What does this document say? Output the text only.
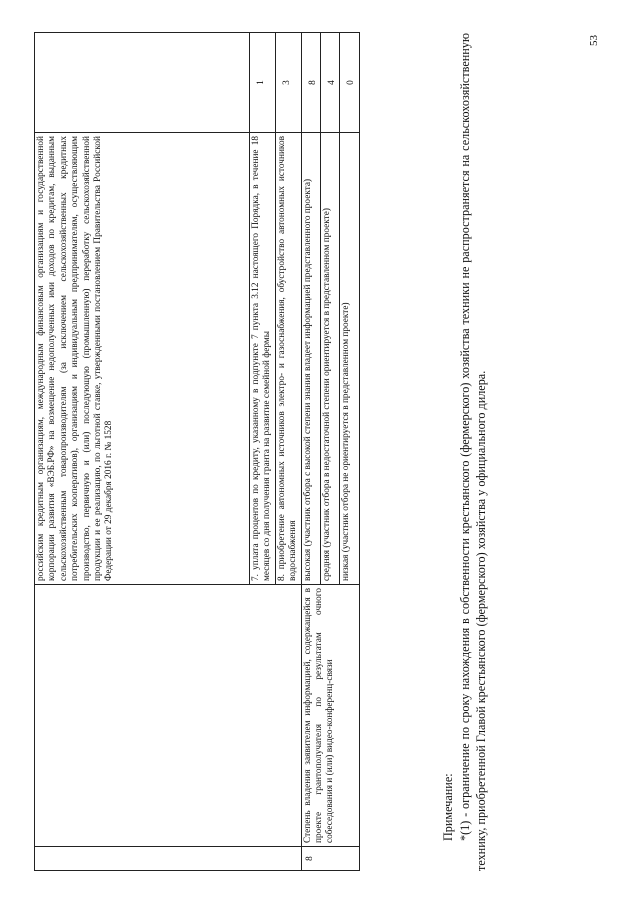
		российским кредитным организациям, международным финансовым организациям и государственной корпорации развития «ВЭБ.РФ» на возмещение недополученных ими доходов по кредитам, выданным сельскохозяйственным товаропроизводителям (за исключением сельскохозяйственных кредитных потребительских кооперативов), организациям и индивидуальным предпринимателям, осуществляющим производство, первичную и (или) последующую (промышленную) переработку сельскохозяйственной продукции и ее реализацию, по льготной ставке, утвержденными постановлением Правительства Российской Федерации от 29 декабря 2016 г. № 1528	
		7. уплата процентов по кредиту, указанному в подпункте 7 пункта 3.12 настоящего Порядка, в течение 18 месяцев со дня получения гранта на развитие семейной фермы	1
		8. приобретение автономных источников электро- и газоснабжения, обустройство автономных источников водоснабжения	3
8	Степень владения заявителем информацией, содержащейся в проекте грантополучателя по результатам очного собеседования и (или) видео-конференц-связи	высокая (участник отбора с высокой степени знания владеет информацией представленного проекта)	8
		средняя (участник отбора в недостаточной степени ориентируется в представленном проекте)	4
		низкая (участник отбора не ориентируется в представленном проекте)	0
Примечание: *(1) - ограничение по сроку нахождения в собственности крестьянского (фермерского) хозяйства техники не распространяется на сельскохозяйственную технику, приобретенной Главой крестьянского (фермерского) хозяйства у официального дилера.
53
